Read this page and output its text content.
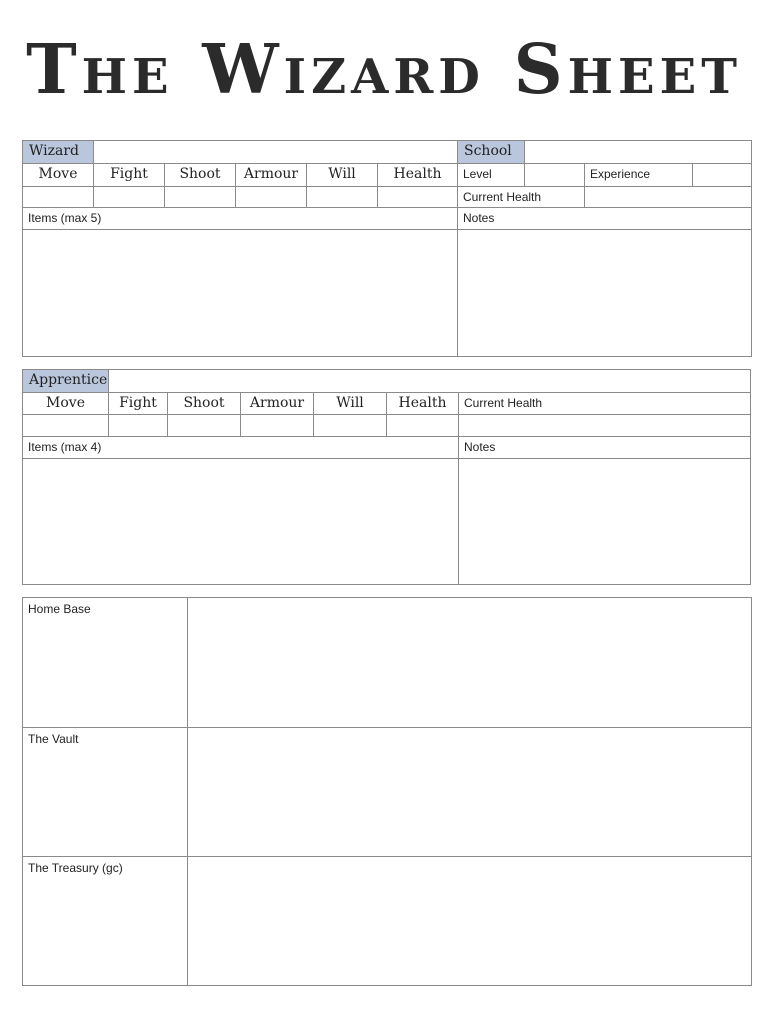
The Wizard Sheet
Wizard	School
Move	Fight	Shoot	Armour	Will	Health	Level	Experience
Current Health
Items (max 5)	Notes
Apprentice
Move	Fight	Shoot	Armour	Will	Health	Current Health
Items (max 4)	Notes
Home Base
The Vault
The Treasury (gc)
